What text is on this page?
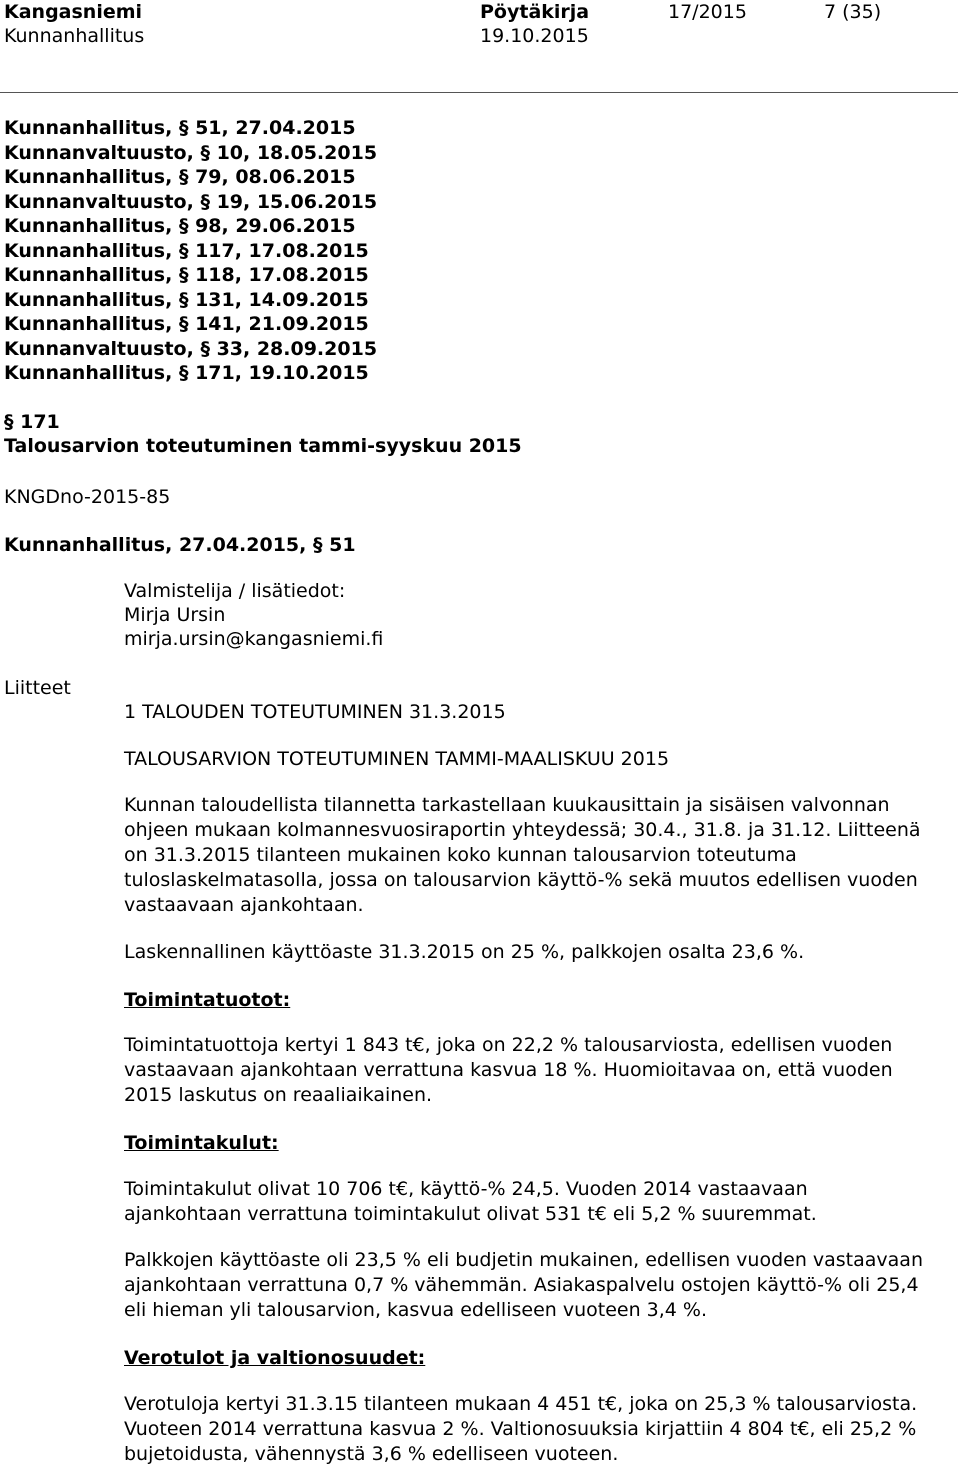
Kangasniemi
Kunnanhallitus
Pöytäkirja
19.10.2015
17/2015	7 (35)
Kunnanhallitus, § 51, 27.04.2015
Kunnanvaltuusto, § 10, 18.05.2015
Kunnanhallitus, § 79, 08.06.2015
Kunnanvaltuusto, § 19, 15.06.2015
Kunnanhallitus, § 98, 29.06.2015
Kunnanhallitus, § 117, 17.08.2015
Kunnanhallitus, § 118, 17.08.2015
Kunnanhallitus, § 131, 14.09.2015
Kunnanhallitus, § 141, 21.09.2015
Kunnanvaltuusto, § 33, 28.09.2015
Kunnanhallitus, § 171, 19.10.2015
§ 171
Talousarvion toteutuminen tammi-syyskuu 2015
KNGDno-2015-85
Kunnanhallitus, 27.04.2015, § 51
Valmistelija / lisätiedot:
Mirja Ursin
mirja.ursin@kangasniemi.fi
Liitteet
1 TALOUDEN TOTEUTUMINEN 31.3.2015
TALOUSARVION TOTEUTUMINEN TAMMI-MAALISKUU 2015

Kunnan taloudellista tilannetta tarkastellaan kuukausittain ja sisäisen valvonnan ohjeen mukaan kolmannesvuosiraportin yhteydessä; 30.4., 31.8. ja 31.12. Liitteenä on 31.3.2015 tilanteen mukainen koko kunnan talousarvion toteutuma tuloslaskelmatasolla, jossa on talousarvion käyttö-% sekä muutos edellisen vuoden vastaavaan ajankohtaan.

Laskennallinen käyttöaste 31.3.2015 on 25 %, palkkojen osalta 23,6 %.

Toimintatuotot:

Toimintatuottoja kertyi 1 843 t€, joka on 22,2 % talousarviosta, edellisen vuoden vastaavaan ajankohtaan verrattuna kasvua 18 %. Huomioitavaa on, että vuoden 2015 laskutus on reaaliaikainen.

Toimintakulut:

Toimintakulut olivat 10 706 t€, käyttö-% 24,5. Vuoden 2014 vastaavaan ajankohtaan verrattuna toimintakulut olivat 531 t€ eli 5,2 % suuremmat.

Palkkojen käyttöaste oli 23,5 % eli budjetin mukainen, edellisen vuoden vastaavaan ajankohtaan verrattuna 0,7 % vähemmän. Asiakaspalvelu ostojen käyttö-% oli 25,4 eli hieman yli talousarvion, kasvua edelliseen vuoteen 3,4 %.

Verotulot ja valtionosuudet:

Verotuloja kertyi 31.3.15 tilanteen mukaan 4 451 t€, joka on 25,3 % talousarviosta. Vuoteen 2014 verrattuna kasvua 2 %. Valtionosuuksia kirjattiin 4 804 t€, eli 25,2 % bujetoidusta, vähennystä 3,6 % edelliseen vuoteen.
